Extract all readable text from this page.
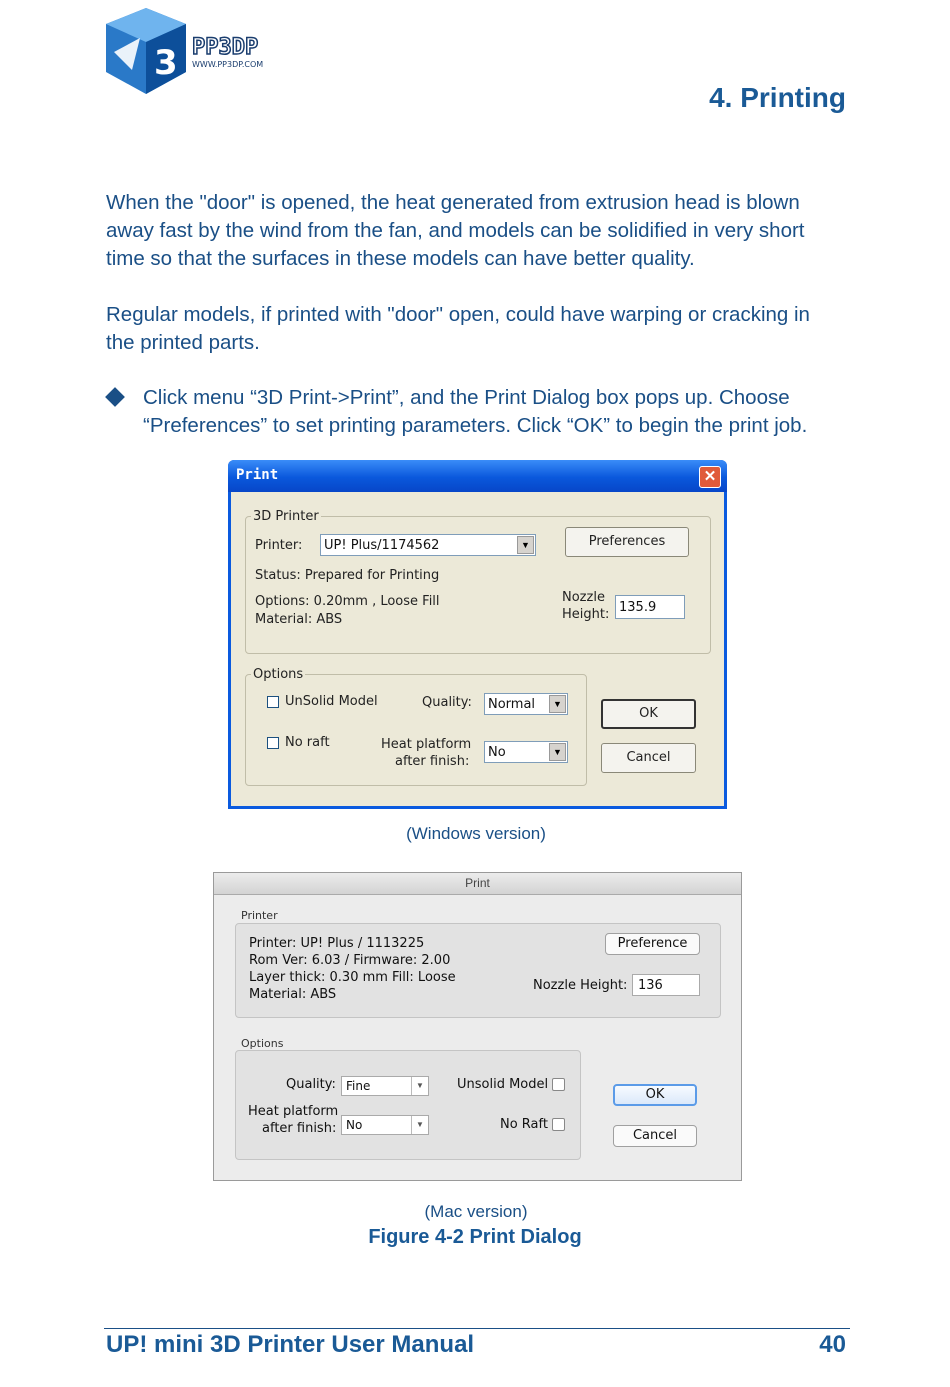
3 PP3DP
WWW.PP3DP.COM
4. Printing
When the "door" is opened, the heat generated from extrusion head is blown
away fast by the wind from the fan, and models can be solidified in very short
time so that the surfaces in these models can have better quality.
Regular models, if printed with "door" open, could have warping or cracking in
the printed parts.
Click menu “3D Print->Print”, and the Print Dialog box pops up. Choose
“Preferences” to set printing parameters. Click “OK” to begin the print job.
Print	✕
3D Printer
Printer: UP! Plus/1174562	▼	Preferences
Status: Prepared for Printing
Options: 0.20mm , Loose Fill
Material: ABS
Nozzle
Height: 135.9
Options
UnSolid Model
No raft
Quality: Normal	▼
Heat platform
after finish:
No	▼
OK
Cancel
(Windows version)
Print
Printer
Printer: UP! Plus / 1113225
Rom Ver: 6.03 / Firmware: 2.00
Layer thick: 0.30 mm Fill: Loose
Material: ABS
Preference
Nozzle Height: 136
Options
Quality: Fine	▼
Heat platform
after finish: No	▼
Unsolid Model
No Raft
OK
Cancel
(Mac version)
Figure 4-2 Print Dialog
UP! mini 3D Printer User Manual	40
